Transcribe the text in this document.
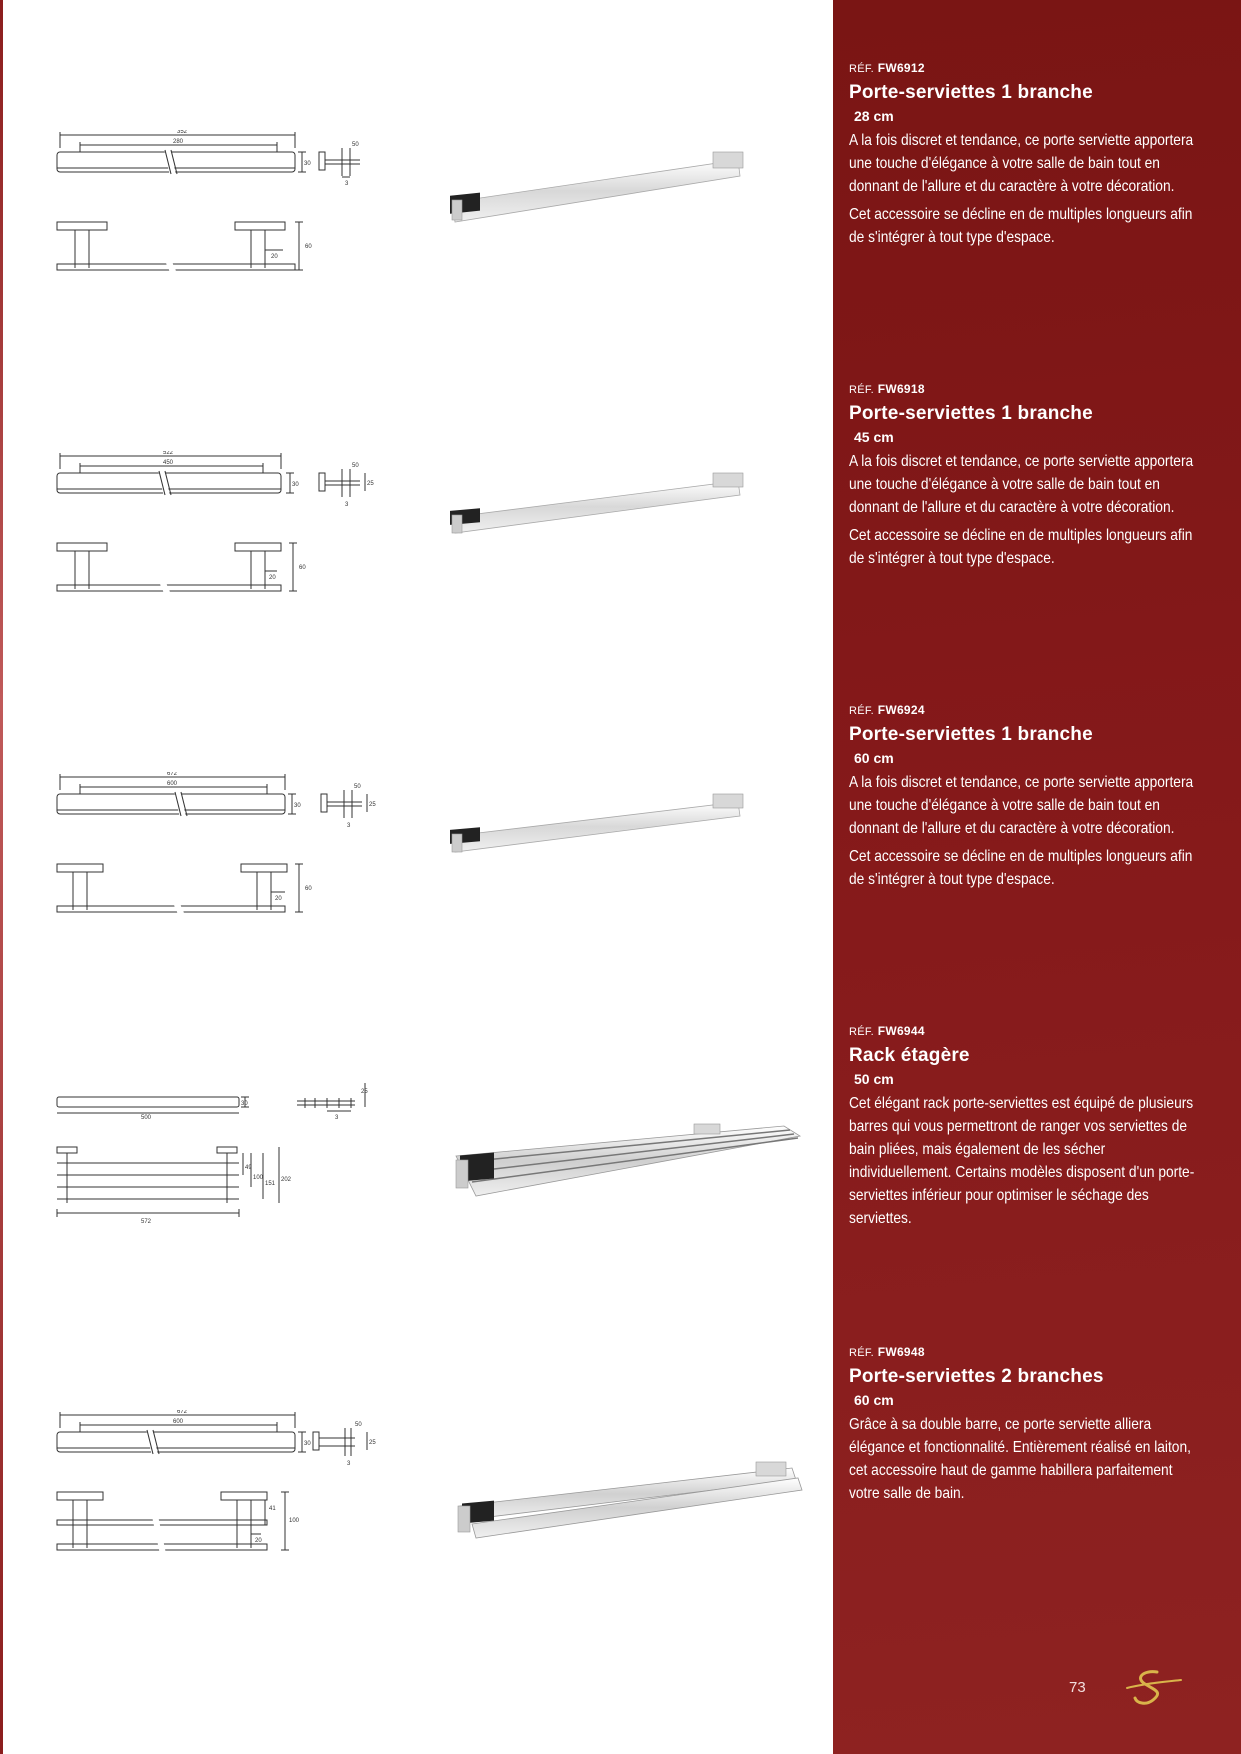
352
280
30
50
3
20
60

RÉF. FW6912

Porte-serviettes 1 branche

28 cm

A la fois discret et tendance, ce porte serviette apportera une touche d'élégance à votre salle de bain tout en donnant de l'allure et du caractère à votre décoration.

Cet accessoire se décline en de multiples longueurs afin de s'intégrer à tout type d'espace.

522
450
30
50
3
25
20
60

RÉF. FW6918

Porte-serviettes 1 branche

45 cm

A la fois discret et tendance, ce porte serviette apportera une touche d'élégance à votre salle de bain tout en donnant de l'allure et du caractère à votre décoration.

Cet accessoire se décline en de multiples longueurs afin de s'intégrer à tout type d'espace.

672
600
30
50
3
25
20
60

RÉF. FW6924

Porte-serviettes 1 branche

60 cm

A la fois discret et tendance, ce porte serviette apportera une touche d'élégance à votre salle de bain tout en donnant de l'allure et du caractère à votre décoration.

Cet accessoire se décline en de multiples longueurs afin de s'intégrer à tout type d'espace.

500
30
25
3
572
49
100
151
202

RÉF. FW6944

Rack étagère

50 cm

Cet élégant rack porte-serviettes est équipé de plusieurs barres qui vous permettront de ranger vos serviettes de bain pliées, mais également de les sécher individuellement. Certains modèles disposent d'un porte-serviettes inférieur pour optimiser le séchage des serviettes.

672
600
30
50
3
25
41
20
100

RÉF. FW6948

Porte-serviettes 2 branches

60 cm

Grâce à sa double barre, ce porte serviette alliera élégance et fonctionnalité. Entièrement réalisé en laiton, cet accessoire haut de gamme habillera parfaitement votre salle de bain.

73
